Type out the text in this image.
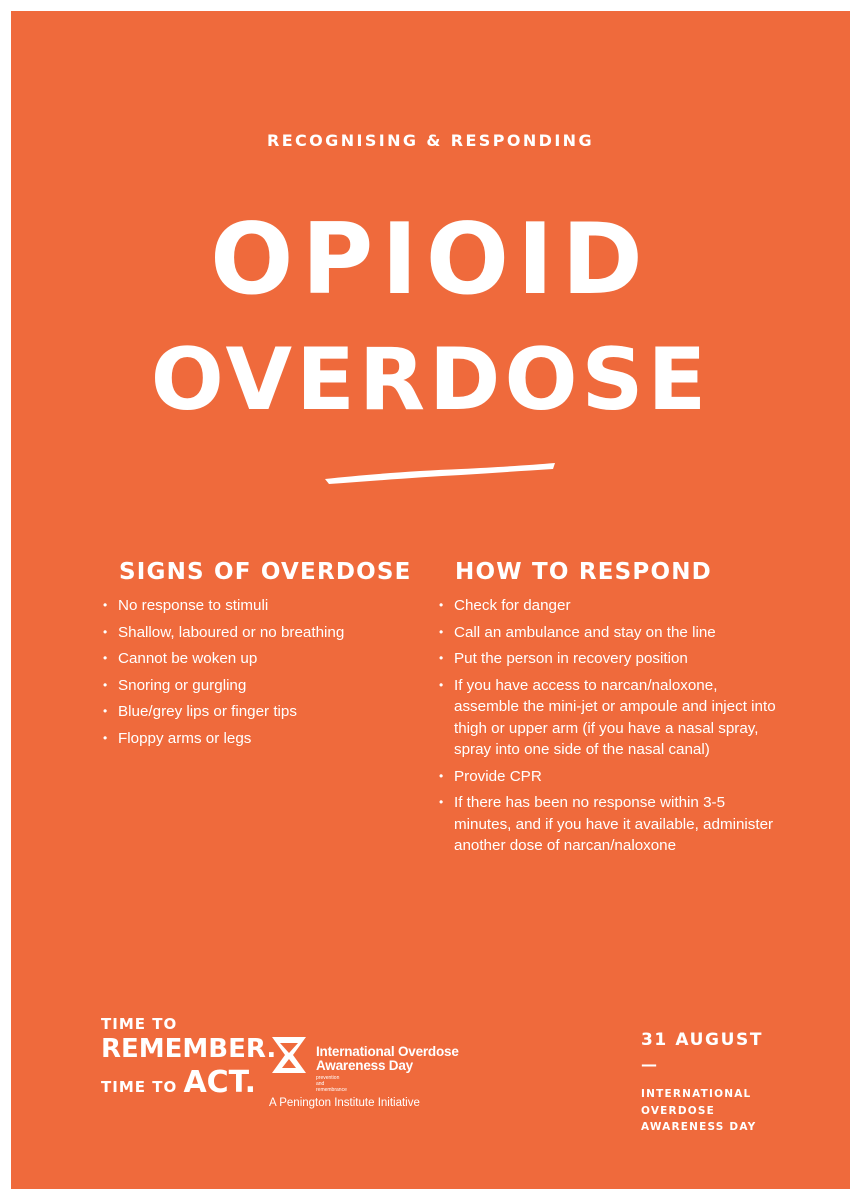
RECOGNISING & RESPONDING
OPIOID
OVERDOSE
SIGNS OF OVERDOSE
• No response to stimuli
• Shallow, laboured or no breathing
• Cannot be woken up
• Snoring or gurgling
• Blue/grey lips or finger tips
• Floppy arms or legs
HOW TO RESPOND
• Check for danger
• Call an ambulance and stay on the line
• Put the person in recovery position
• If you have access to narcan/naloxone, assemble the mini-jet or ampoule and inject into thigh or upper arm (if you have a nasal spray, spray into one side of the nasal canal)
• Provide CPR
• If there has been no response within 3-5 minutes, and if you have it available, administer another dose of narcan/naloxone
TIME TO
REMEMBER.
TIME TO ACT.
International Overdose
Awareness Day
prevention and remembrance
A Penington Institute Initiative
31 AUGUST
—
INTERNATIONAL
OVERDOSE
AWARENESS DAY
